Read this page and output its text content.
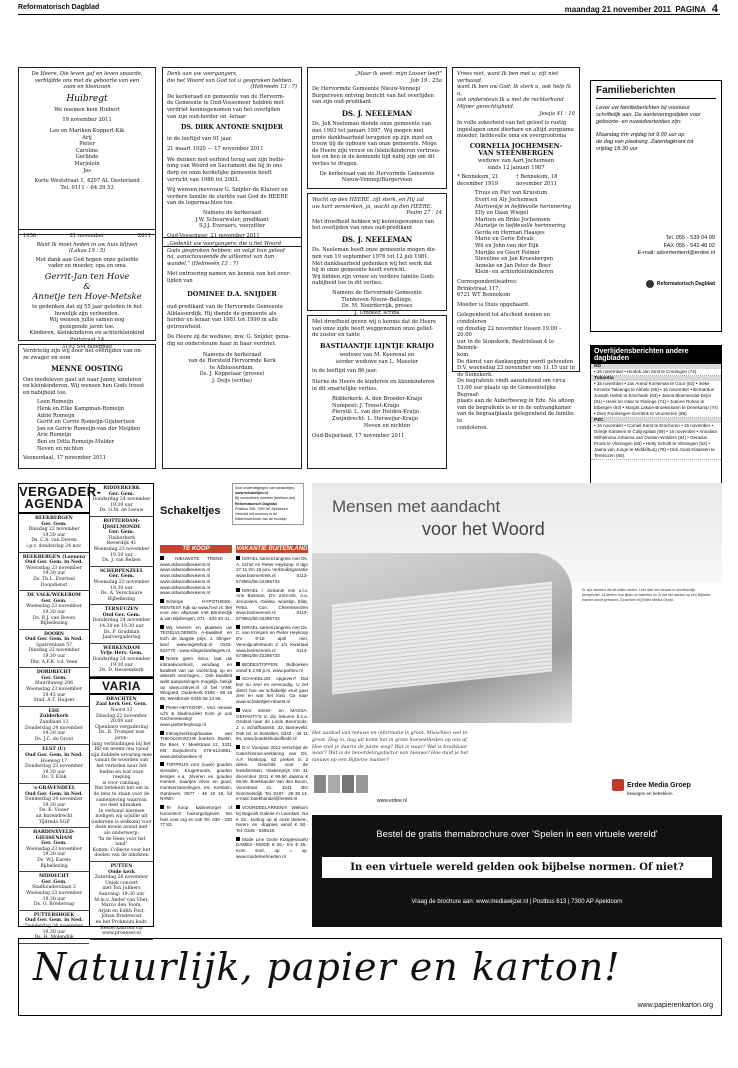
Reformatorisch Dagblad	maandag 21 november 2011 PAGINA 4

De Heere, Die leven gaf en leven spaarde,

verblijdde ons met de geboorte van een

zoon en kleinzoon

Huibregt

We noemen hem Huibert

19 november 2011

Leo en Mariken Koppert-Kik

Arij

Pieter

Caroline

Gerlinde

Marjolein

Jos

Korte Weststraat 1, 4207 AL Oesterland

Tel. 0111 – 64 39 53

1956	21 november	2011

Want Ik moet heden in uw huis blijven

(Lukas 19 : 5)

Met dank aan God hopen onze geliefde

vader en moeder, opa en oma

Gerrit-Jan ten Hove
&
Annetje ten Hove-Metske

te gedenken dat zij 55 jaar geleden in het

huwelijk zijn verbonden.

Wij wensen jullie samen nog

gezegende jaren toe.

Kinderen, kleinkinderen en achterkleinkind

Puitstraat 14

3193 SM Bloegplet

Verdrietig zijn wij door het overlijden van on-

ze zwager en oom

MENNE OOSTING

Ons medeleven gaat uit naar Janny, kinderen

en kleinkinderen. Wij wensen hen Gods troost

en nabijheid toe.

Leen Romeijn

Henk en Elke Kampman-Romeijn

Adrie Romeijn

Gerrit en Corrie Romeijn-Gijsbertsen

Jan en Gerrie Romeijn-van der Meijden

Arie Romeijn

Ben en Ditta Romeijn-Mulder

Neven en nichten

Veenendaal, 17 november 2011

Denk aan uw voorgangers,

die het Woord van God tot u gesproken hebben.

(Hebreeën 13 : 7)

De kerkeraad en gemeente van de Hervorm-

de Gemeente te Oud-Vossemeer hebben met

verdriet kennisgenomen van het overlijden

van zijn oud-herder en -leraar

DS. DIRK ANTONIE SNIJDER

in de leeftijd van 91 jaar.

21 maart 1920 — 17 november 2011

We denken met eerbied terug aan zijn bedie-

ning van Woord en Sacrament die hij in ons

dorp en onze kerkelijke gemeente heeft

verricht van 1986 tot 2003.

Wij wensen mevrouw G. Snijder-de Kluiver en

verdere familie de sterkte van God de HEERE

van de legermachten toe.

Namens de kerkeraad

J.W. Scheurwater, predikant

S.J.J. Everaers, voorzitter

Oud-Vossemeer, 21 november 2011

„Gedenkt uw voorgangers, die u het Woord

Gods gesproken hebben; en volgt hun geloof

na, aanschouwende de uitkomst van hun

wandel." (Hebreeën 13 : 7)

Met ontroering namen we kennis van het over-

lijden van

DOMINEE D.A. SNIJDER

oud-predikant van de Hervormde Gemeente

Alblasserdijk. Hij diende de gemeente als

herder en leraar van 1981 tot 1990 in alle

getrouwheid.

De Heere zij de weduwe, mw. G. Snijder, gena-

dig en ondersteune haar in haar verdriet.

Namens de kerkeraad

van de Hersteld Hervormde Kerk

te Alblasserdam,

Ds. J. Koppelaar (preses)

J. Deijs (scriba)

„Maar ik weet: mijn Losser leeft"

Job 19 : 25a

De Hervormde Gemeente Nieuw-Vennep/

Burgerveen ontving bericht van het overlijden

van zijn oud-predikant

DS. J. NEELEMAN

Ds. Joh Neeleman diende onze gemeente van

mei 1993 tot januari 1997. Wij mogen met

grote dankbaarheid terugzien op zijn inzet en

trouw bij de opbouw van onze gemeente. Moge

de Heere zijn vrouw en (klein)kinderen vertroos-

ten en hen in de komende tijd nabij zijn om dit

verlies te dragen.

De kerkeraad van de Hervormde Gemeente

Nieuw-Vennep/Burgerveen

Wacht op den HEERE, zijt sterk, en Hij zal

uw hart versterken, ja, wacht op den HEERE.

Psalm 27 : 14

Met droefheid hebben wij kennisgenomen van

het overlijden van onze oud-predikant

DS. J. NEELEMAN

Ds. Neeleman heeft onze gemeente mogen die-

nen van 19 september 1976 tot 12 juli 1981.

Met dankbaarheid gedenken wij het werk dat

hij in onze gemeente heeft verricht.

Wij bidden zijn vrouw en verdere familie Gods

nabijheid toe in dit verlies.

Namens de Hervormde Gemeente

Tienhoven-Nieuw-Ballinge,

Ds. M. Noordervijk, preses

J. Umbeer, scriba

Met droefheid geven wij u kennis dat de Heere

van onze zijde heeft weggenomen onze gelief-

de zuster en tante

BASTIAANTJE LIJNTJE KRAIJO

weduwe van M. Koorenal en

eerder weduwe van L. Moester

in de leeftijd van 86 jaar.

Sterke de Heere de kinderen en kleinkinderen

in dit smartelijke verlies.

Ridderkerk: A. den Broeder-Kraijo

Numpeet: J. Troost-Kraijo

Pierstil: L. van der Heiden-Kraijo

Zwijndrecht: L. Herweijer-Kraijo

Neven en nichten

Oud-Beijerland, 17 november 2011

Vrees niet, want Ik ben met u; zijt niet verbaasd,

want Ik ben uw God; Ik sterk u, ook help Ik u,

ook ondersteun Ik u met de rechterhand

Mijner gerechtigheid.

Jesaja 41 : 10

In volle zekerheid van het geloof is rustig

ingeslapen onze dierbare en altijd zorgzame

moeder, liefdevolle oma en overgrootoma

CORNELIA JOCHEMSEN-

VAN STEENBERGEN

weduwe van Aart Jochemsen

sinds 12 januari 1987

* Benneksm, 21 december 1919
† Benneksm, 18 november 2011

Truus en Piet van Kruistum

Evert en Aly Jochemsen

Martientje in liefdevolle herinnering

Elly en Daan Wiegel

Martien en Brike Jochemsen

Marietje in liefdevolle herinnering

Gerda en Herman Haasjes

Marie en Gerie Edvals

Wil en John van der Eijk

Marijke en Geert Polmer

Steveline en Jan Kroesbergen

Anneke en Jan Peter de Boer

Klein- en achterkleinkinderen

Correspondentieadres:

Brinkstraat 117,

6721 WT Bennekom

Moeder is thuis opgebaard.

Gelegenheid tot afscheid nemen en condoleren

op dinsdag 22 november tussen 19.00 – 20.00

uur in de Sionskerk, Beatrixlaan 4 te Bennek-

kom.

De dienst van dankzegging wordt gehouden

D.V. woensdag 23 november om 11.15 uur in

de Sionskerk.

De begrafenis vindt aansluitend om circa

13.00 uur plaats op de Gemeentelijke Begraaf-

plaats aan de Auberbeewg in Ede. Na afloop

van de begrafenis is er in de ontvangkamer

van de begraafplaats gelegenheid de familie te

condoleren.

Familieberichten

Lever uw familieberichten bij voorkeur

schriftelijk aan. De aanleveringstijden voor

geboorte- en nuwadvertenties zijn:

Maandag t/m vrijdag tot 9.00 uur op

de dag van plaatsing. Zaterdagkrant tot

vrijdag 18.30 uur

Tel. 055 - 539 04 99

FAX 055 - 542 48 02

E-mail: advertentierd@erdee.nl

Reformatorisch Dagblad
Overlijdensberichten andere dagbladen
ND
• 16 november • Hindrik Jan Smit te Croningen (74).
Tubantia
• 15 november • Jan Arend Koeleman te Goor (63) • Ineke Kinneloi-Taleenga te Almelo (66) • 16 november • Bernardus Joseph Holink te Enschede (83) • Janna Bloemendal-Drijer (81) • Henk ter Haar te Flaringe (74) • Joanne Rohan te Elbergen (93) • Margrit Lakule-Broeksmann te Denekamp (74) • Dien Roolsregen-Gerritink te Vroomeren (88).
PZC
• 16 november • Corniel Karst te Erschoren • 15 november • Grietje Kanteien te Colijnsplaat (89) • 16 november • Annalina Wilhelmina Johanna van Oosten-Wolders (84) • Geradus Pronk te Vlissingen (83) • Hetty Scholtl te Vlissingen (52) • Jaana van Junge te Middelburg (78) • Dirk Joost Klaassen te Temeuzen (80).
VERGADER-
AGENDA

BEEKBERGEN

Ger. Gem.

Dinsdag 22 november

19.30 uur

Ds. C.A. van Dieren

i.p.v. donderdag 24 nov.

BEEKBERGEN (Loenen)

Oud Ger. Gem. in Ned.

Woensdag 23 november

19.30 uur

Ds. Th.L. Evertsel

Doopdienst

DE VALK/WEKEROM

Ger. Gem.

Woensdag 23 november

19.30 uur

Ds. B.J. van Boven

Bijbellezing

DOORN

Oud Ger. Gem. in Ned.

Sparrenlaan 57

Dinsdag 22 november

19.30 uur

Dhr. A.F.K. v.d. Veen

DORDRECHT

Ger. Gem.

Mauritsweg 206

Woensdag 23 november

19.45 uur

Stud. A.T. Huijser

EDE

Zuiderkerk

Zandlaan 13

Donderdag 24 november

19.30 uur

Ds. J.C. de Groot

ELST (U)

Oud Ger. Gem. in Ned.

Hoeweg 17

Donderdag 23 november

19.30 uur

Ds. T. Klok

's-GRAVENDEEL

Oud Ger. Gem. in Ned.

Donderdag 24 november

19.30 uur

Ds. K. Visser

uit Barendrecht

Tijdreda SGP

HARDINXVELD-GIESSENDAM

Ger. Gem.

Woensdag 23 november

19.30 uur

Ds. W.J. Karels

Bijbellezing

MIDDECHT

Ger. Gem.

Stadhouderslaan 2

Woensdag 23 november

19.30 uur

Ds. G. Brederoug

PUTTERSHOEK

Oud Ger. Gem. in Ned.

Donderdag 24 november

19.30 uur

Ds. H. Molendijk

RIDDERKERK

Ger. Gem.

Donderdag 24 november

19.30 uur

Ds. G.M. de Leeuw

ROTTERDAM-IJSSELMONDE

Ger. Gem.

Thaborkerk

Reverdijk 41

Woensdag 23 november

19.30 uur

Ds. J. van Belzen

SCHERPENZEEL

Ger. Gem.

Woensdag 23 november

19.30 uur

Ds. A. Verschuure

Bijbellezing

TERNEUZEN

Oud Ger. Gem.

Donderdag 24 november

14.30 en 19.30 uur

Ds. P. Grudman

Jaarvergadering

WERKENDAM

Vrije Herv. Gem.

Donderdag 24 november

19.30 uur

Ds. D. Hessemkerk

VARIA

DRACHTEN

Zaal kerk Ger. Gem.

Noord 12

Dinsdag 22 november

20.00 uur

Openbare vergadering

Ds. B. Tromper was jaren-

lang verbindingen bij het

RD en neemt ons vanaf

zijn dubbele ervaring mee

vanuit de woorden van

het verleden naar het

heden en wat onze roeping

is voor vandaag.

Wat betekent het om in

de tens te staan voor de

samenleving waarvan

we deel uitmaken.

In verband hiermee

nodigen wij u/jullie uit

(iedereen is welkom) voor

deze mooie avond met

als onderwerp:

"In de Hees voor het land"

Komm: Collecte voor het

doelen van de inkokten

PUTTEN

Oude kerk

Zaterdag 26 november

Uniek concert

met Ton Jubbers

Aanvang: 19.30 uur

M.m.v. Ander van Vliet,

Marco den Toom,

Arjan en Edith Post,

Johan Bredewout

en het Prokmuni kodr.

Bestel kaarten via

www.proeeser.nl

Schakeltjes

Voor onderdelgingen van schakeltjes:

www.schakeltjes.nl

Bij voorruitelen nummer (telefoon.net)

Reformatorisch Dagblad

Postbus 208, 7300 AE Apeldoorn

Vermeld het nummer in de

linkerbovenhoek van de envelop

TE KOOP
- NIEUWSTE TREND - www.oldwoodkeukens.nl www.oldwoodkeukens.nl www.oldwoodkeukens.nl www.oldwoodkeukens.nl www.oldwoodkeukens.nl www.oldwoodkeukens.nl
Scherpe HYPOTHEEK-RENTES!! Kijk op www.hvvr.nl. Bel voor een afspraak met Bimmedijk & van Bijsbergen, 071 - 403 40 31.
Wij leveren en plaatsen uw TEGELVLOEREN A-kwaliteit en toch de laagste prijs. J. Slinger-land www.tegelshop.nl 0183-622770 - www.slingerlandtegels.nl
Neem geen risico, laat uw inbraakvoorkant, vandaag en kwaliteit van uw voorschap op en deksels voorzagen... Ook kwaliteit wekt aanpassingen mogelijk, bekijk op www.cinkvel.nl of bel VINK Wingoed, Ouderkerk 0188 - 69 18 86, Westbroek 0346-28 14 59.
Pieter HEYKOOP... Ved. nieuwe cd's & bladmuziek! Kom je ook Gecheneknotig! www.pietterheykoop.nl
Inkoop/verkoop/taxatie van THEOLOGISCHE boeken. Boekh. De Boer, Y. Meelstraat 12, 3331 KB Zwijndrecht, 078-6124861, www.deboboeiken.nl
TOPPRIJS voor (oude) gouden sieraden, Krugerrands, gouden tientjes e.a. zilveren en gouden munten, baartjes zilver en goud, muntverzamelingen, etc. Kerslam, Gardeven, 0577 - 46 19 19, lid NVMH
Te koop kabinetorgel of humorisch huisorgel/geven ten huis voor org en ook Tel. 030 - 330 77 83.
VAKANTIE BUITENLAND
ISRAEL samenzangreis met Ds. A. Schot en Pieter Heykoop. 9 dgn 27 11 t/m 16 juni. Verbruiksgarantie www.bosmenreis.nl 0113-573861/06-22286733
ISRAEL / Jordanië reis o.l.v. Arie Bosman, DV 23/4-4/5, o.a. Jeruzalem, Galilea, woestijn, Eilat, Petra. Con. Chermisreizen www.bosmenreis.nl 0113-573861/06-22286733
ISRAEL samenzangreis met Ds. C. van Krimpen en Pieter Heykoop DV 9-18 april mei, Vervolgcalentuum 2 1/4 Kwartaal www.bosmenreis.nl 0113-573861/06-22286733
BIDDESTOFFEN: Bidboeken vanaf € 2,95 p.m. www.parttex.nl
SCHAKELIJN: opgeven? Dat kan nu snel en eenvoudig. U zet direct hoe uw schakeltje eruit gaat zien en wat het kost. Ga naar www.schakeltjes-rdtoest.nl
Voor stress- en MASSA-GEPANTY'S in div. kleuren b.z.a. Orobtal naar de Linde Beermode, J. v. Schaffraartstr. 32, Barneveld. Ook tel. te bestellen, 0342 - 49 11 84, www.boedeshuisoflinde.nl
D.V. Voorjaar 2012 verschijnt de Catechismus-verklaring van Ds. A.F. Honkoop. 52 preken in 2 delen. Geschikt voor de leesdiensten. Intekenprijs t/m 31 december 2011 € 59,90 daarna € 69,90. Boekhandel Van den Boom, Voorstraat 41, 3241 BG Sommelsdijk. Tel. 0187 - 48 30 14. e-mail: boekhandel@hetnet.nl
VOORDEELARKEN!!! Welkom bij Bagevik Galerie in Leerdam. Nu € 15,- korting op al onze dames-, heren- en -doppies vanaf € 50,- Tel. 0345 - 535518.
Mode Line Grote Koopjesmarkt DAMES- MODE € 25,- t/m € 45,- Kom snel, op = op. www.modelinehoeden.nl
Mensen met aandacht
voor het Woord
Er zijn mensen die dit willen weten. Leer dan het nieuws in schriftuurlijk perspectief. Zij stellen hun tijden en talenten zo in dat het nieuws op een Bijbelse manier wordt gebracht. Zij werken bij Erdee Media Groep.

Het aanbod van nieuws en informatie is groot. Misschien wel te

groot. Dag in, dag uit komt het in grote hoeveelheden op ons af.

Hoe snel je daarin de juiste weg? Wat is waar? Wat is bruikbaar

waar? Wat is de beoordelingsfactor van nieuws? Hoe duid je het

nieuws op een Bijbelse manier?

www.erdee.nl
Erdee Media Groep
bewegen en betrekken
Bestel de gratis themabrochure over 'Spelen in een virtuele wereld'
In een virtuele wereld gelden ook bijbelse normen. Of niet?
Vraag de brochure aan: www.mediawijzer.nl | Postbus 613 | 7300 AP Apeldoorn
Natuurlijk, papier en karton!
www.papierenkarton.org
